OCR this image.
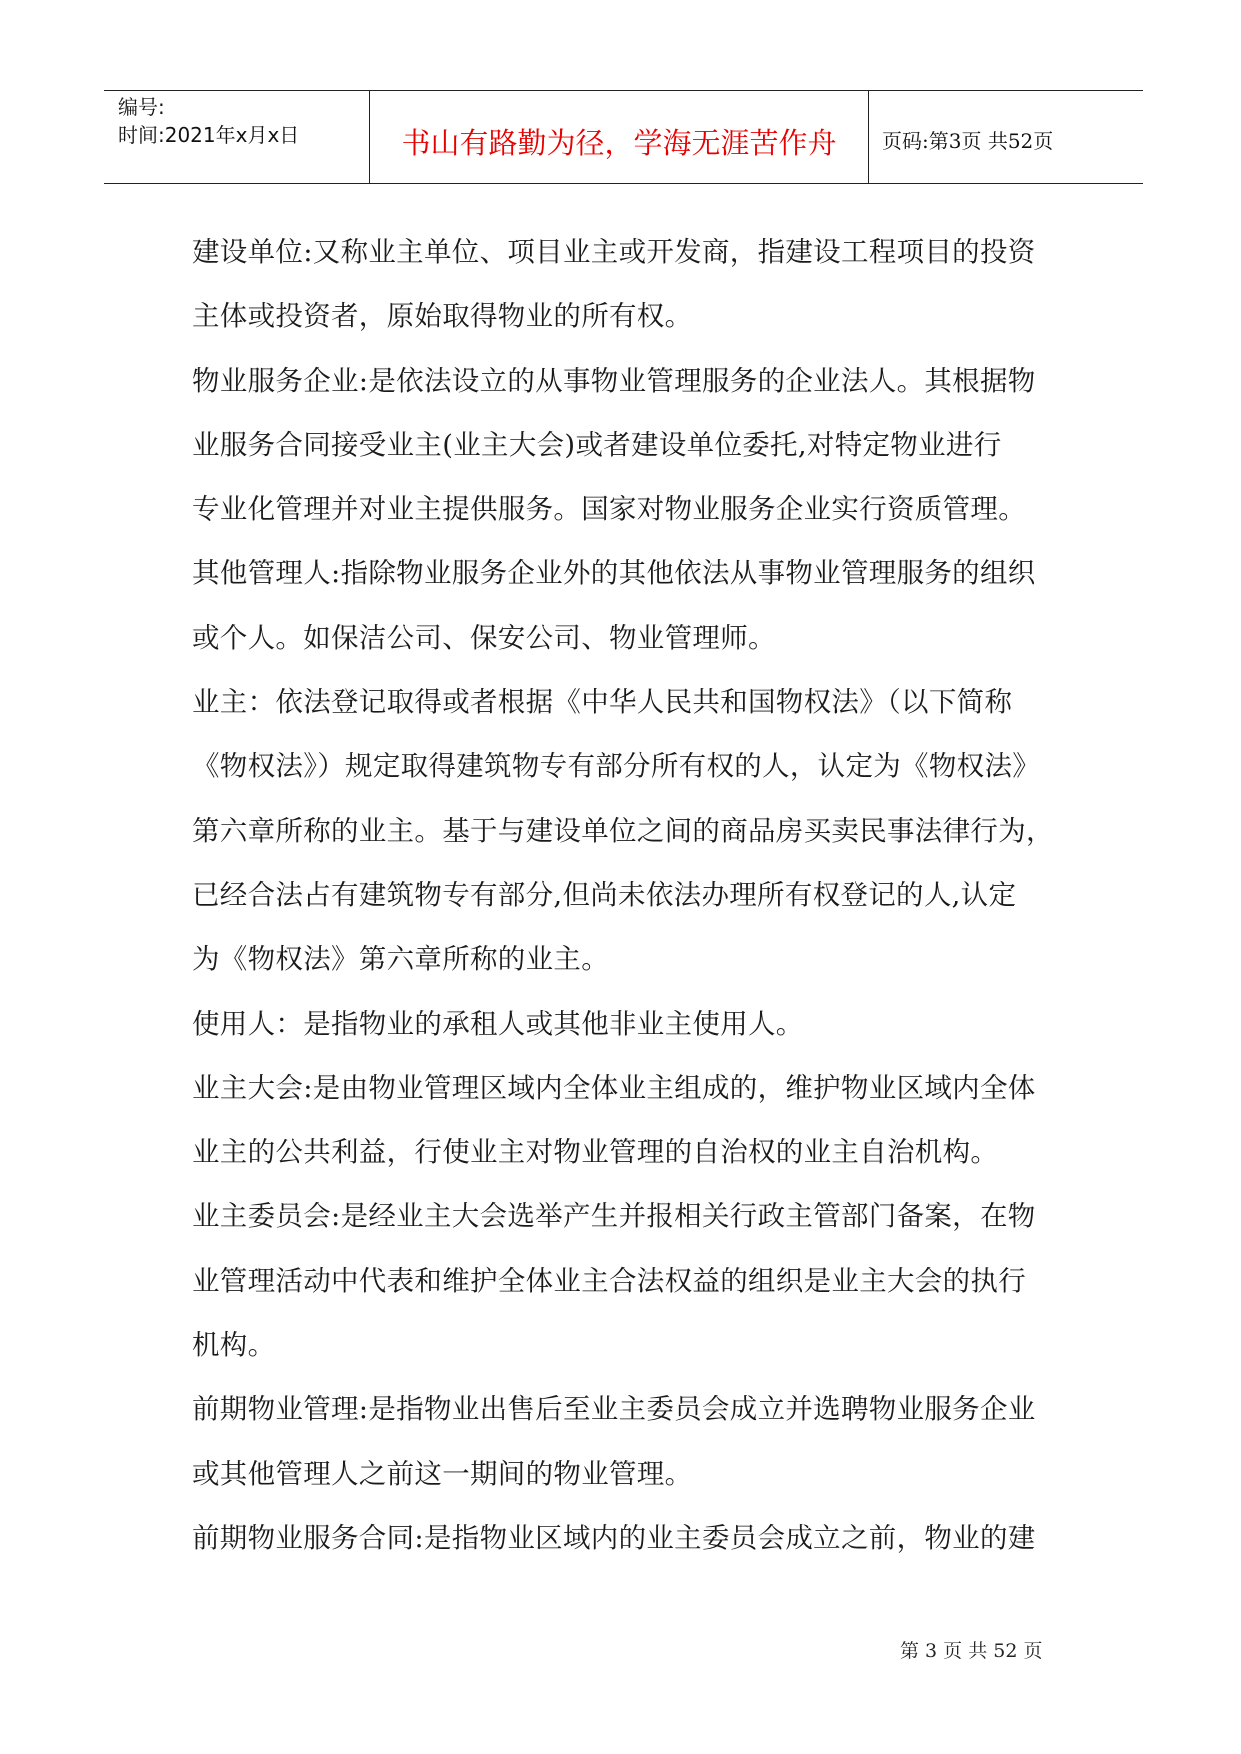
编号:
时间:2021年x月x日	书山有路勤为径，学海无涯苦作舟	页码:第3页 共52页

建设单位:又称业主单位、项目业主或开发商，指建设工程项目的投资
主体或投资者，原始取得物业的所有权。

物业服务企业:是依法设立的从事物业管理服务的企业法人。其根据物
业服务合同接受业主(业主大会)或者建设单位委托,对特定物业进行
专业化管理并对业主提供服务。国家对物业服务企业实行资质管理。

其他管理人:指除物业服务企业外的其他依法从事物业管理服务的组织
或个人。如保洁公司、保安公司、物业管理师。

业主：依法登记取得或者根据《中华人民共和国物权法》（以下简称
《物权法》）规定取得建筑物专有部分所有权的人，认定为《物权法》
第六章所称的业主。基于与建设单位之间的商品房买卖民事法律行为，
已经合法占有建筑物专有部分,但尚未依法办理所有权登记的人,认定
为《物权法》第六章所称的业主。

使用人：是指物业的承租人或其他非业主使用人。

业主大会:是由物业管理区域内全体业主组成的，维护物业区域内全体
业主的公共利益，行使业主对物业管理的自治权的业主自治机构。

业主委员会:是经业主大会选举产生并报相关行政主管部门备案，在物
业管理活动中代表和维护全体业主合法权益的组织是业主大会的执行
机构。

前期物业管理:是指物业出售后至业主委员会成立并选聘物业服务企业
或其他管理人之前这一期间的物业管理。

前期物业服务合同:是指物业区域内的业主委员会成立之前，物业的建

第 3 页 共 52 页
